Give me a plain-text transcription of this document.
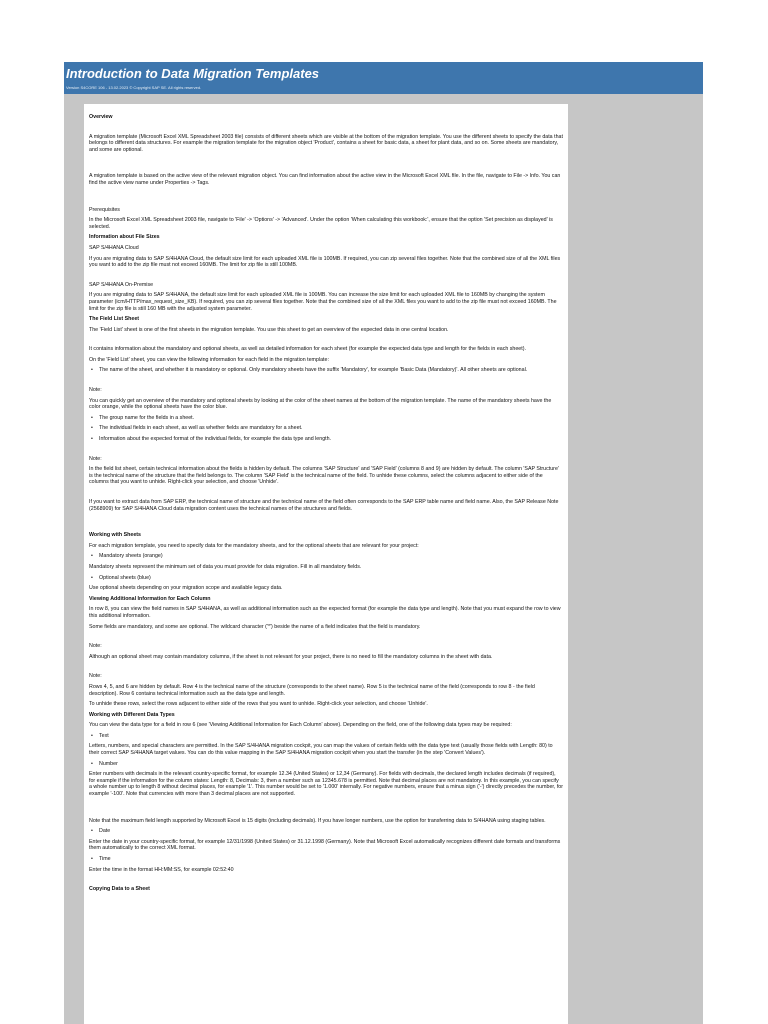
Introduction to Data Migration Templates
Version S4CORE 106 - 13.02.2023 © Copyright SAP SE. All rights reserved.

Overview

A migration template (Microsoft Excel XML Spreadsheet 2003 file) consists of different sheets which are visible at the bottom of the migration template. You use the different sheets to specify the data that belongs to different data structures. For example the migration template for the migration object 'Product', contains a sheet for basic data, a sheet for plant data, and so on. Some sheets are mandatory, and some are optional.

A migration template is based on the active view of the relevant migration object. You can find information about the active view in the Microsoft Excel XML file. In the file, navigate to File -> Info. You can find the active view name under Properties -> Tags.

Prerequisites

In the Microsoft Excel XML Spreadsheet 2003 file, navigate to 'File' -> 'Options' -> 'Advanced'. Under the option 'When calculating this workbook:', ensure that the option 'Set precision as displayed' is selected.

Information about File Sizes

SAP S/4HANA Cloud

If you are migrating data to SAP S/4HANA Cloud, the default size limit for each uploaded XML file is 100MB. If required, you can zip several files together. Note that the combined size of all the XML files you want to add to the zip file must not exceed 160MB. The limit for zip file is still 100MB.

SAP S/4HANA On-Premise

If you are migrating data to SAP S/4HANA, the default size limit for each uploaded XML file is 100MB. You can increase the size limit for each uploaded XML file to 160MB by changing the system parameter (icm/HTTP/max_request_size_KB). If required, you can zip several files together. Note that the combined size of all the XML files you want to add to the zip file must not exceed 160MB. The limit for the zip file is still 160 MB with the adjusted system parameter.

The Field List Sheet

The 'Field List' sheet is one of the first sheets in the migration template. You use this sheet to get an overview of the expected data in one central location.

It contains information about the mandatory and optional sheets, as well as detailed information for each sheet (for example the expected data type and length for the fields in each sheet).

On the 'Field List' sheet, you can view the following information for each field in the migration template:

• The name of the sheet, and whether it is mandatory or optional. Only mandatory sheets have the suffix 'Mandatory', for example 'Basic Data (Mandatory)'. All other sheets are optional.

Note:

You can quickly get an overview of the mandatory and optional sheets by looking at the color of the sheet names at the bottom of the migration template. The name of the mandatory sheets have the color orange, while the optional sheets have the color blue.

• The group name for the fields in a sheet.

• The individual fields in each sheet, as well as whether fields are mandatory for a sheet.

• Information about the expected format of the individual fields, for example the data type and length.

Note:

In the field list sheet, certain technical information about the fields is hidden by default. The columns 'SAP Structure' and 'SAP Field' (columns 8 and 9) are hidden by default. The column 'SAP Structure' is the technical name of the structure that the field belongs to. The column 'SAP Field' is the technical name of the field. To unhide these columns, select the columns adjacent to either side of the columns that you want to unhide. Right-click your selection, and choose 'Unhide'.

If you want to extract data from SAP ERP, the technical name of structure and the technical name of the field often corresponds to the SAP ERP table name and field name. Also, the SAP Release Note (2568909) for SAP S/4HANA Cloud data migration content uses the technical names of the structures and fields.

Working with Sheets

For each migration template, you need to specify data for the mandatory sheets, and for the optional sheets that are relevant for your project:

• Mandatory sheets (orange)

Mandatory sheets represent the minimum set of data you must provide for data migration. Fill in all mandatory fields.

• Optional sheets (blue)

Use optional sheets depending on your migration scope and available legacy data.

Viewing Additional Information for Each Column

In row 8, you can view the field names in SAP S/4HANA, as well as additional information such as the expected format (for example the data type and length). Note that you must expand the row to view this additional information.

Some fields are mandatory, and some are optional. The wildcard character ('*') beside the name of a field indicates that the field is mandatory.

Note:

Although an optional sheet may contain mandatory columns, if the sheet is not relevant for your project, there is no need to fill the mandatory columns in the sheet with data.

Note:

Rows 4, 5, and 6 are hidden by default. Row 4 is the technical name of the structure (corresponds to the sheet name). Row 5 is the technical name of the field (corresponds to row 8 - the field description). Row 6 contains technical information such as the data type and length.

To unhide these rows, select the rows adjacent to either side of the rows that you want to unhide. Right-click your selection, and choose 'Unhide'.

Working with Different Data Types

You can view the data type for a field in row 6 (see 'Viewing Additional Information for Each Column' above). Depending on the field, one of the following data types may be required:

• Text

Letters, numbers, and special characters are permitted. In the SAP S/4HANA migration cockpit, you can map the values of certain fields with the data type text (usually those fields with Length: 80) to their correct SAP S/4HANA target values. You can do this value mapping in the SAP S/4HANA migration cockpit when you start the transfer (in the step 'Convert Values').

• Number

Enter numbers with decimals in the relevant country-specific format, for example 12.34 (United States) or 12,34 (Germany). For fields with decimals, the declared length includes decimals (if required), for example if the information for the column states: Length: 8, Decimals: 3, then a number such as 12345.678 is permitted. Note that decimal places are not mandatory. In this example, you can specify a whole number up to length 8 without decimal places, for example '1'. This number would be set to '1.000' internally. For negative numbers, ensure that a minus sign ('-') directly precedes the number, for example '-100'. Note that currencies with more than 3 decimal places are not supported.

Note that the maximum field length supported by Microsoft Excel is 15 digits (including decimals). If you have longer numbers, use the option for transferring data to S/4HANA using staging tables.

• Date

Enter the date in your country-specific format, for example 12/31/1998 (United States) or 31.12.1998 (Germany). Note that Microsoft Excel automatically recognizes different date formats and transforms them automatically to the correct XML format.

• Time

Enter the time in the format HH:MM:SS, for example 02:52:40

Copying Data to a Sheet
